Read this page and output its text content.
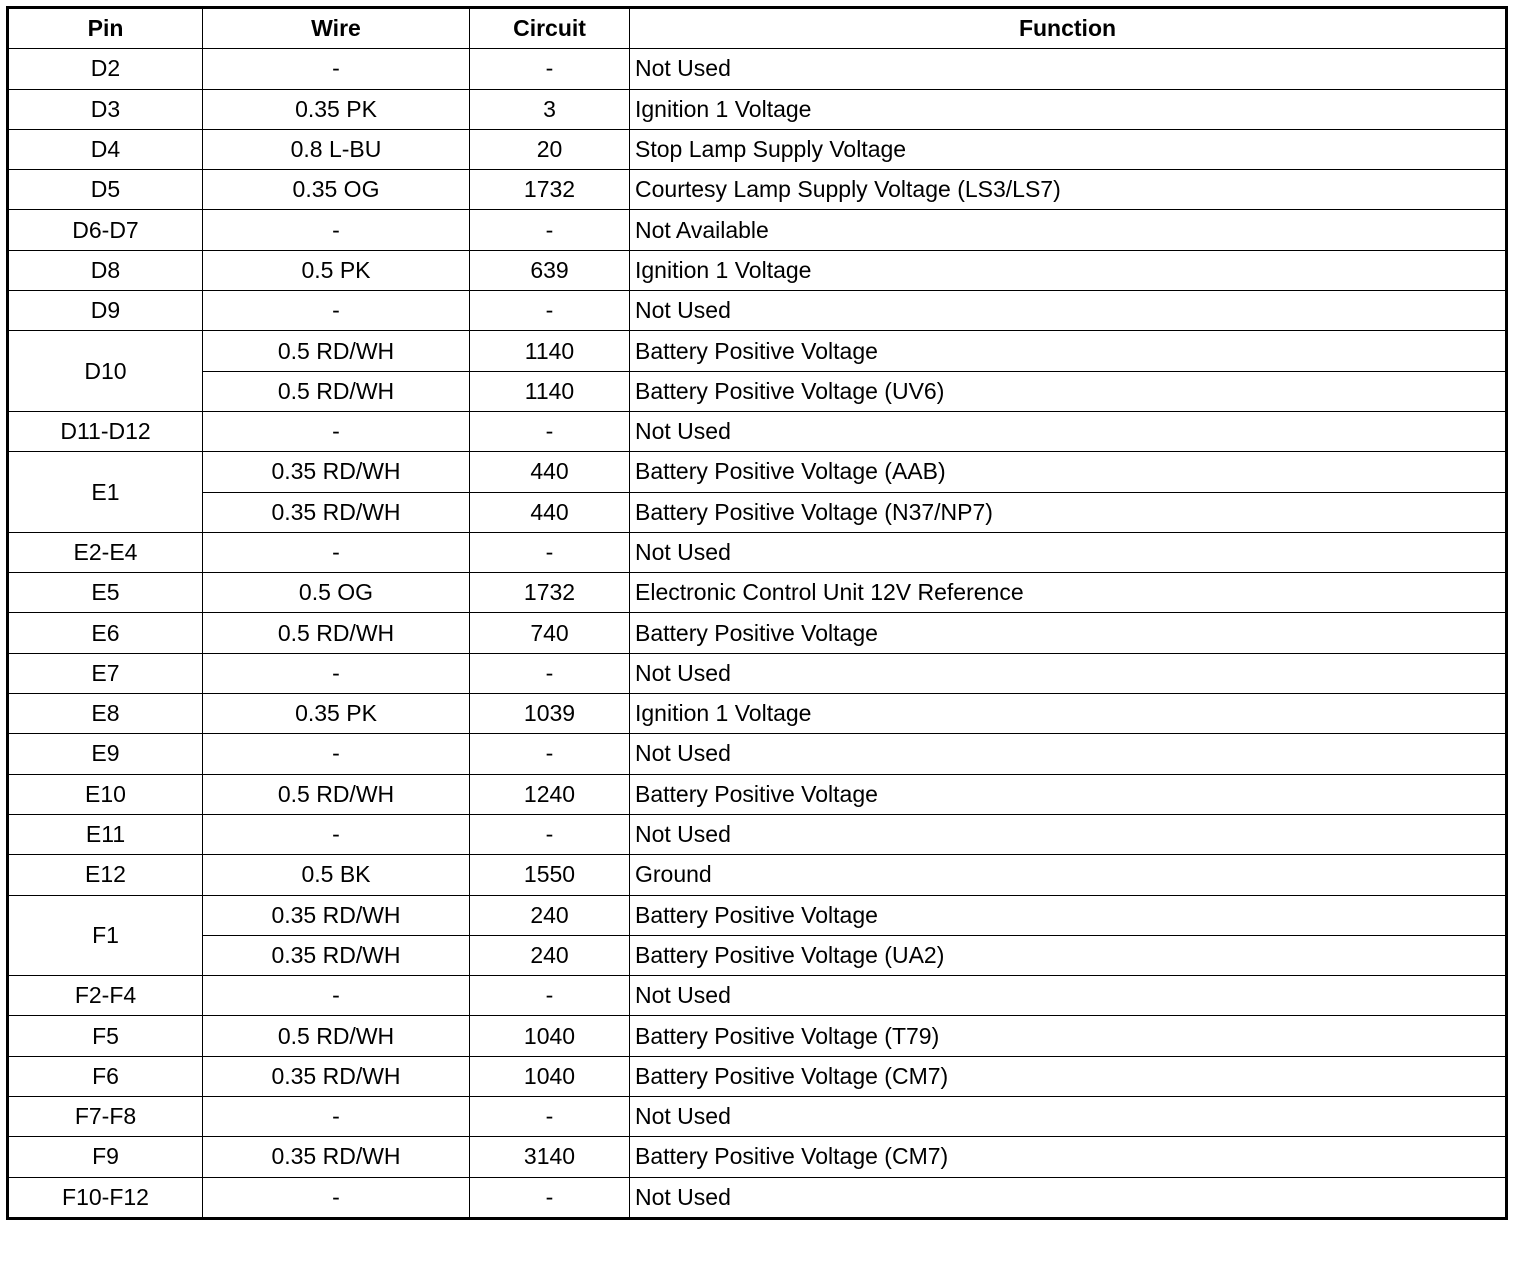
Pin	Wire	Circuit	Function
D2	-	-	Not Used
D3	0.35 PK	3	Ignition 1 Voltage
D4	0.8 L-BU	20	Stop Lamp Supply Voltage
D5	0.35 OG	1732	Courtesy Lamp Supply Voltage (LS3/LS7)
D6-D7	-	-	Not Available
D8	0.5 PK	639	Ignition 1 Voltage
D9	-	-	Not Used
D10	0.5 RD/WH	1140	Battery Positive Voltage
	0.5 RD/WH	1140	Battery Positive Voltage (UV6)
D11-D12	-	-	Not Used
E1	0.35 RD/WH	440	Battery Positive Voltage (AAB)
	0.35 RD/WH	440	Battery Positive Voltage (N37/NP7)
E2-E4	-	-	Not Used
E5	0.5 OG	1732	Electronic Control Unit 12V Reference
E6	0.5 RD/WH	740	Battery Positive Voltage
E7	-	-	Not Used
E8	0.35 PK	1039	Ignition 1 Voltage
E9	-	-	Not Used
E10	0.5 RD/WH	1240	Battery Positive Voltage
E11	-	-	Not Used
E12	0.5 BK	1550	Ground
F1	0.35 RD/WH	240	Battery Positive Voltage
	0.35 RD/WH	240	Battery Positive Voltage (UA2)
F2-F4	-	-	Not Used
F5	0.5 RD/WH	1040	Battery Positive Voltage (T79)
F6	0.35 RD/WH	1040	Battery Positive Voltage (CM7)
F7-F8	-	-	Not Used
F9	0.35 RD/WH	3140	Battery Positive Voltage (CM7)
F10-F12	-	-	Not Used
